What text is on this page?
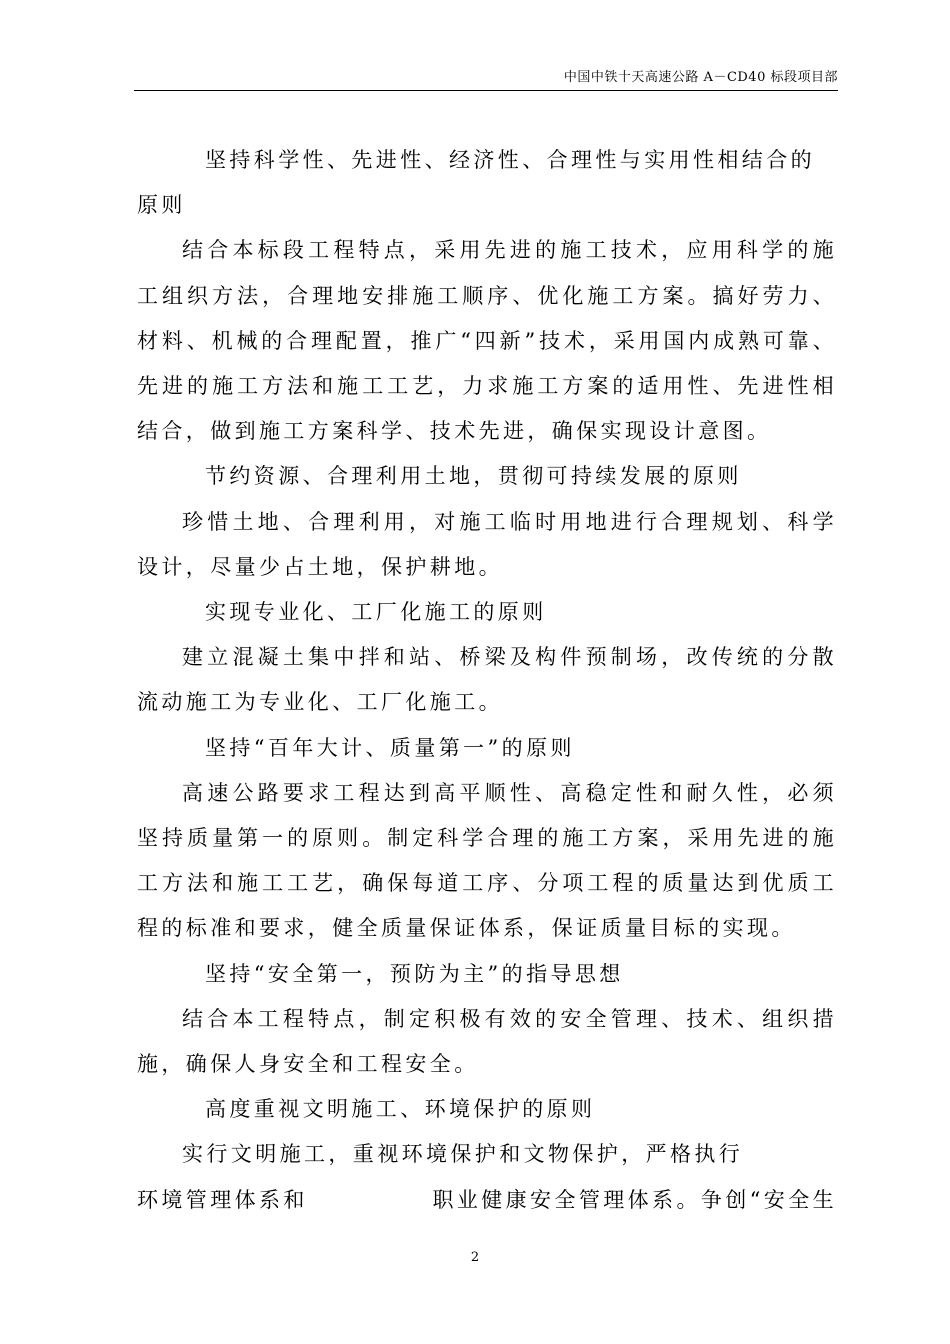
中国中铁十天高速公路 A－CD40 标段项目部

坚持科学性、先进性、经济性、合理性与实用性相结合的原则

结合本标段工程特点，采用先进的施工技术，应用科学的施工组织方法，合理地安排施工顺序、优化施工方案。搞好劳力、材料、机械的合理配置，推广“四新”技术，采用国内成熟可靠、先进的施工方法和施工工艺，力求施工方案的适用性、先进性相结合，做到施工方案科学、技术先进，确保实现设计意图。

节约资源、合理利用土地，贯彻可持续发展的原则

珍惜土地、合理利用，对施工临时用地进行合理规划、科学设计，尽量少占土地，保护耕地。

实现专业化、工厂化施工的原则

建立混凝土集中拌和站、桥梁及构件预制场，改传统的分散流动施工为专业化、工厂化施工。

坚持“百年大计、质量第一”的原则

高速公路要求工程达到高平顺性、高稳定性和耐久性，必须坚持质量第一的原则。制定科学合理的施工方案，采用先进的施工方法和施工工艺，确保每道工序、分项工程的质量达到优质工程的标准和要求，健全质量保证体系，保证质量目标的实现。

坚持“安全第一，预防为主”的指导思想

结合本工程特点，制定积极有效的安全管理、技术、组织措施，确保人身安全和工程安全。

高度重视文明施工、环境保护的原则

实行文明施工，重视环境保护和文物保护，严格执行

环境管理体系和	职业健康安全管理体系。争创“安全生

2
